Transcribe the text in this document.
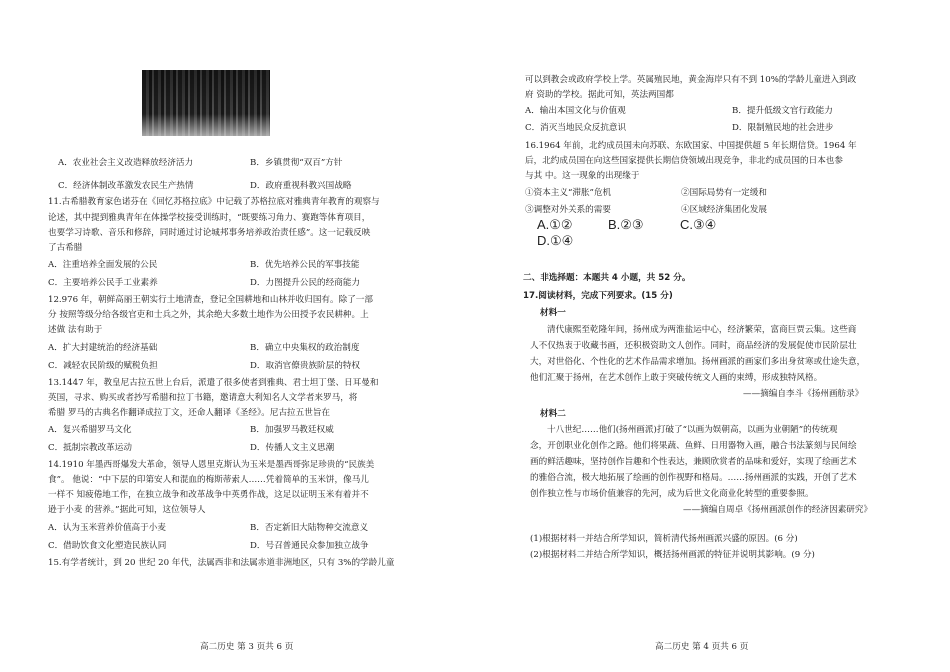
A．农业社会主义改造释放经济活力	B．乡镇贯彻“双百”方针
C．经济体制改革激发农民生产热情	D．政府重视科教兴国战略
11.古希腊教育家色诺芬在《回忆苏格拉底》中记载了苏格拉底对雅典青年教育的观察与
论述，其中提到雅典青年在体操学校接受训练时，“既要练习角力、赛跑等体育项目，
也要学习诗歌、音乐和修辞，同时通过讨论城邦事务培养政治责任感”。这一记载反映
了古希腊
A．注重培养全面发展的公民	B．优先培养公民的军事技能
C．主要培养公民手工业素养	D．力图提升公民的经商能力
12.976 年，朝鲜高丽王朝实行土地清查，登记全国耕地和山林并收归国有。除了一部
分 按照等级分给各级官吏和士兵之外，其余绝大多数土地作为公田授予农民耕种。上
述做 法有助于
A．扩大封建统治的经济基础	B．确立中央集权的政治制度
C．减轻农民阶级的赋税负担	D．取消官僚贵族阶层的特权
13.1447 年，教皇尼古拉五世上台后，派遣了很多使者到雅典、君士坦丁堡、日耳曼和
英国，寻求、购买或者抄写希腊和拉丁书籍，邀请意大利知名人文学者来罗马，将
希腊 罗马的古典名作翻译成拉丁文，还命人翻译《圣经》。尼古拉五世旨在
A．复兴希腊罗马文化	B．加强罗马教廷权威
C．抵制宗教改革运动	D．传播人文主义思潮
14.1910 年墨西哥爆发大革命，领导人恩里克斯认为玉米是墨西哥弥足珍贵的“民族美
食”。 他说：“中下层的印第安人和混血的梅斯蒂索人……凭着简单的玉米饼，像马儿
一样不 知疲倦地工作，在独立战争和改革战争中英勇作战，这足以证明玉米有着并不
逊于小麦 的营养。”据此可知，这位领导人
A．认为玉米营养价值高于小麦	B．否定新旧大陆物种交流意义
C．借助饮食文化塑造民族认同	D．号召普通民众参加独立战争
15.有学者统计，到 20 世纪 20 年代，法属西非和法属赤道非洲地区，只有 3%的学龄儿童
高二历史 第 3 页共 6 页
可以到教会或政府学校上学。英属殖民地，黄金海岸只有不到 10%的学龄儿童进入到政
府 资助的学校。据此可知，英法两国都
A．输出本国文化与价值观	B．提升低级文官行政能力
C．消灭当地民众反抗意识	D．限制殖民地的社会进步
16.1964 年前，北约成员国未向苏联、东欧国家、中国提供超 5 年长期信贷。1964 年
后，北约成员国在向这些国家提供长期信贷领域出现竞争，非北约成员国的日本也参
与其 中。这一现象的出现缘于
①资本主义“滞胀”危机	②国际局势有一定缓和
③调整对外关系的需要	④区域经济集团化发展
A.①②	B.②③	C.③④
D.①④
二、非选择题：本题共 4 小题，共 52 分。
17.阅读材料，完成下列要求。(15 分)
材料一
清代康熙至乾隆年间，扬州成为两淮盐运中心，经济繁荣，富商巨贾云集。这些商
人不仅热衷于收藏书画，还积极资助文人创作。同时，商品经济的发展促使市民阶层壮
大，对世俗化、个性化的艺术作品需求增加。扬州画派的画家们多出身贫寒或仕途失意，
他们汇聚于扬州，在艺术创作上敢于突破传统文人画的束缚，形成独特风格。
——摘编自李斗《扬州画舫录》
材料二
十八世纪……他们(扬州画派)打破了“以画为娱朝高，以画为业朝陋”的传统观
念，开创职业化创作之路。他们将果蔬、鱼鲜、日用器物入画，融合书法篆刻与民间绘
画的鲜活趣味，坚持创作旨趣和个性表达，兼顾欣赏者的品味和爱好，实现了绘画艺术
的雅俗合流，极大地拓展了绘画的创作视野和格局。……扬州画派的实践，开创了艺术
创作独立性与市场价值兼容的先河，成为后世文化商业化转型的重要参照。
——摘编自周卓《扬州画派创作的经济因素研究》
(1)根据材料一并结合所学知识，简析清代扬州画派兴盛的原因。(6 分)
(2)根据材料二并结合所学知识，概括扬州画派的特征并说明其影响。(9 分)
高二历史 第 4 页共 6 页
